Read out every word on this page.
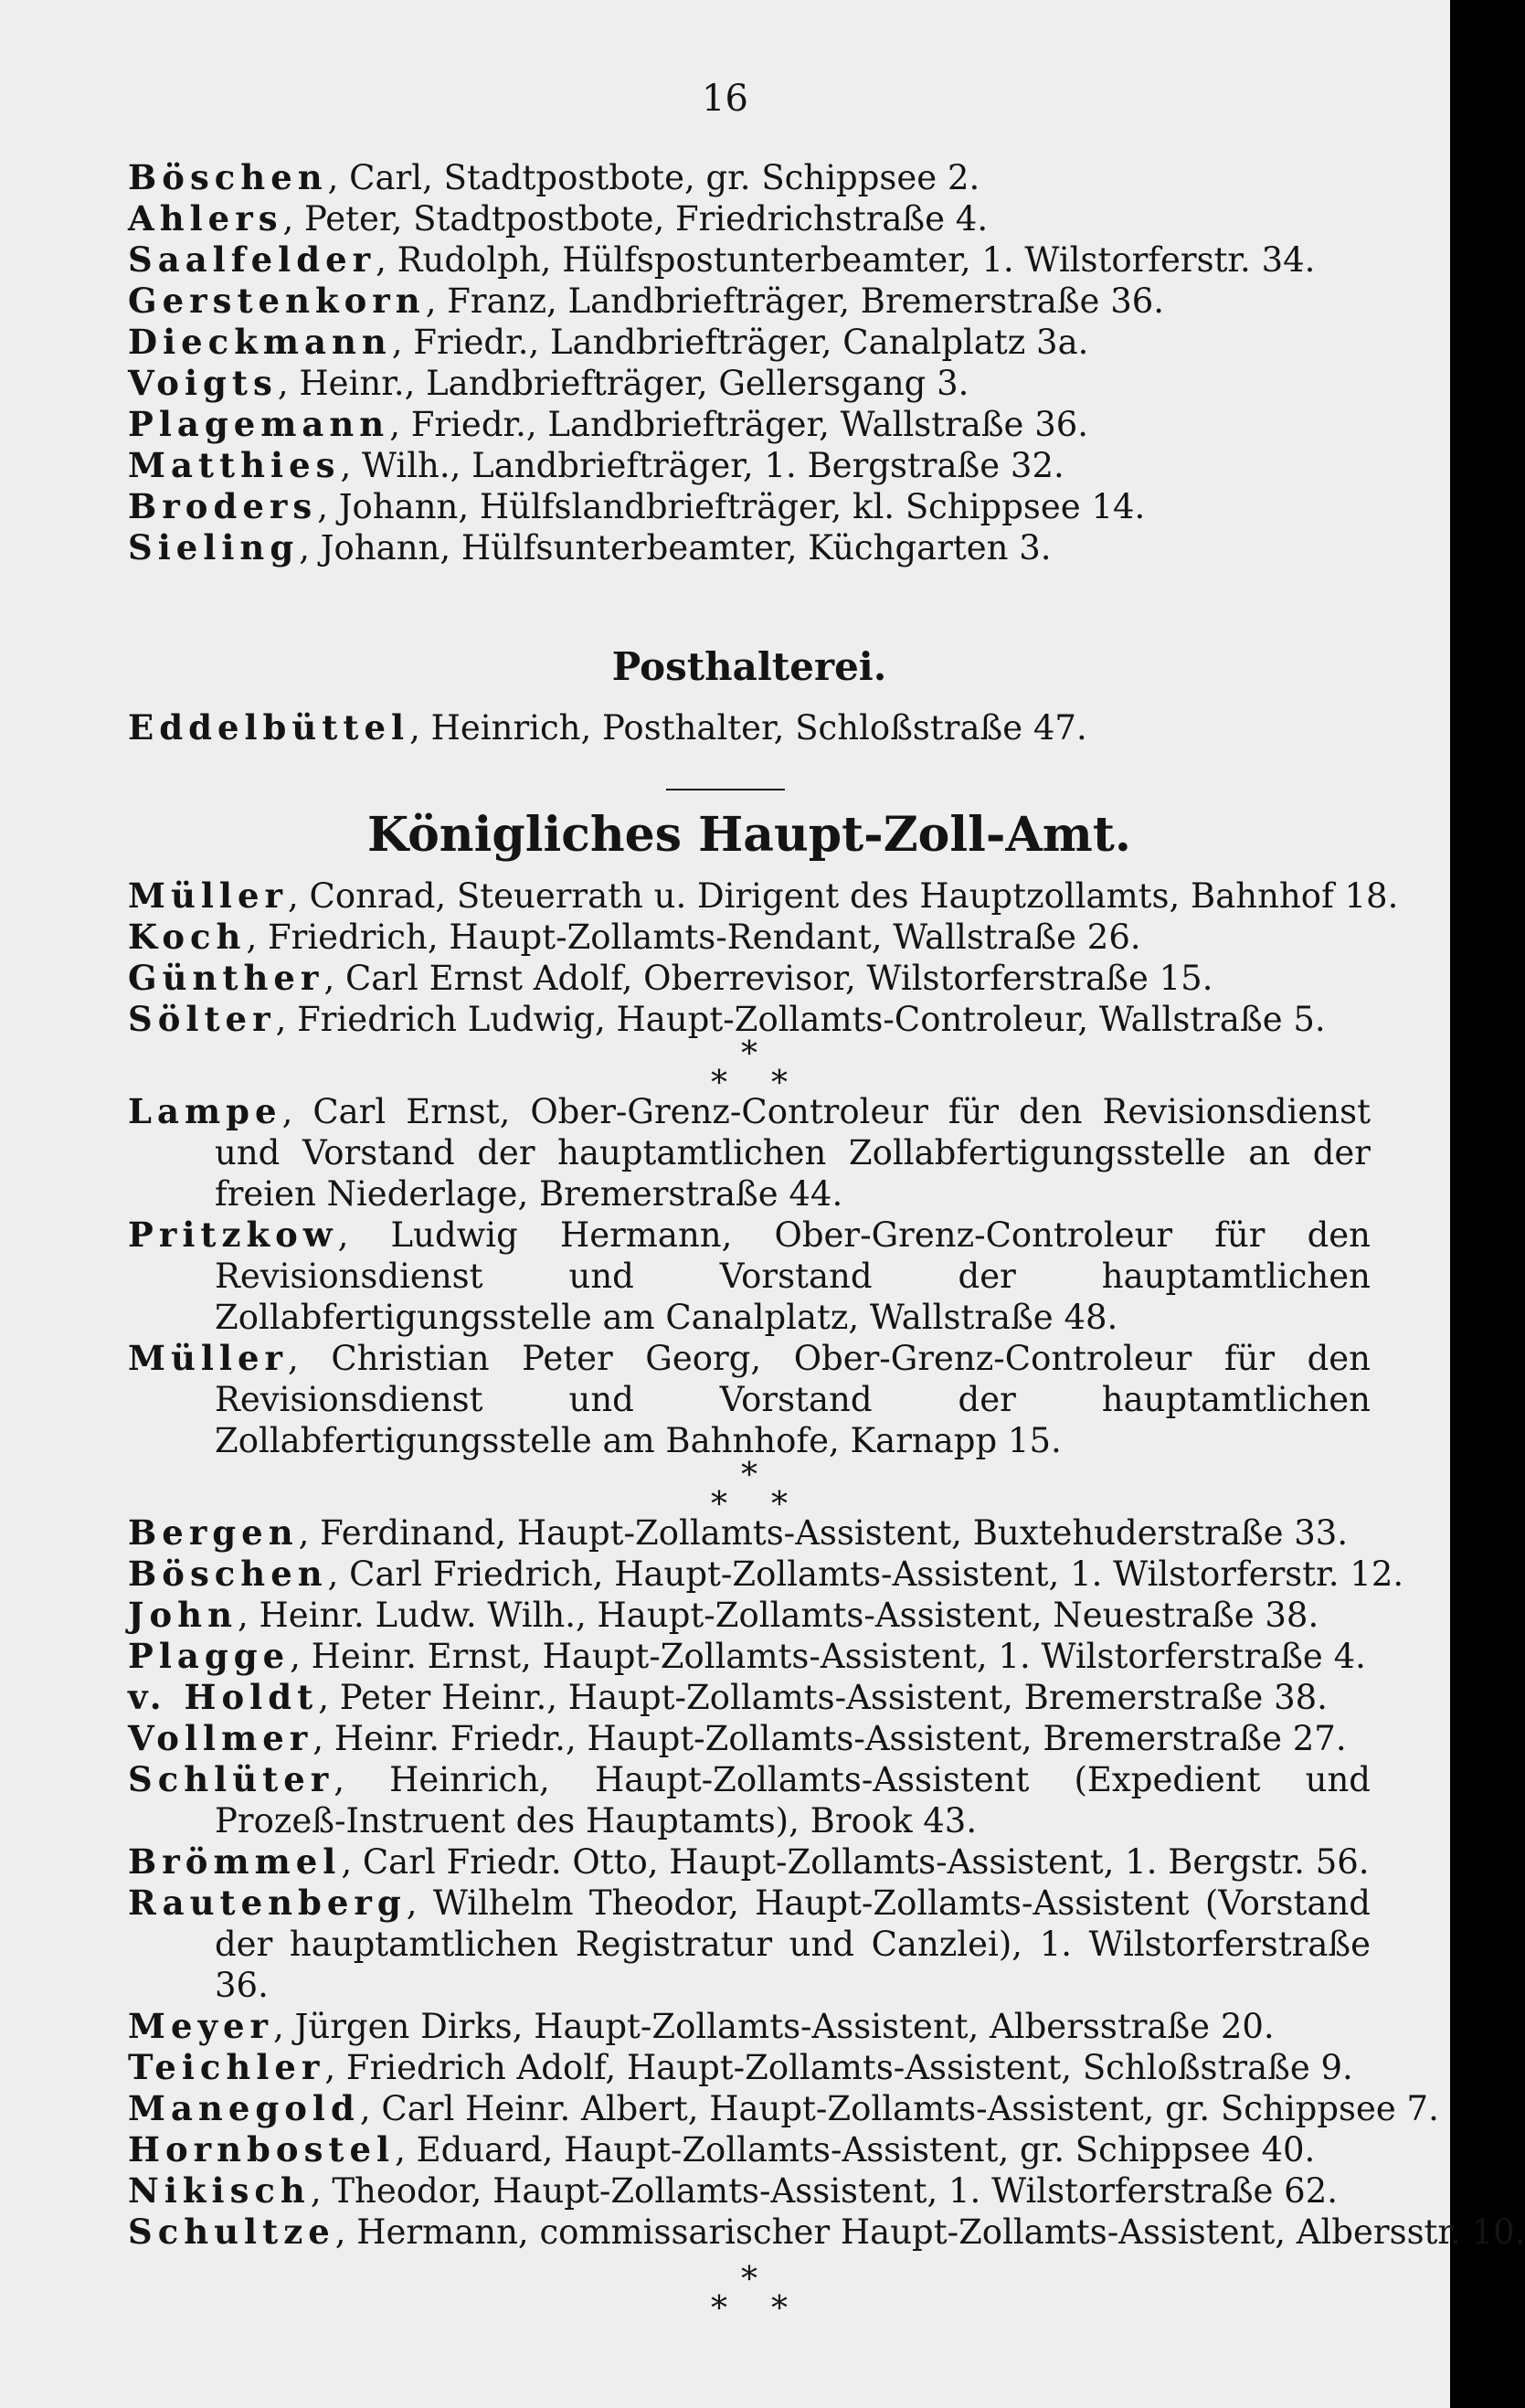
16
Böschen, Carl, Stadtpostbote, gr. Schippsee 2.
Ahlers, Peter, Stadtpostbote, Friedrichstraße 4.
Saalfelder, Rudolph, Hülfspostunterbeamter, 1. Wilstorferstr. 34.
Gerstenkorn, Franz, Landbriefträger, Bremerstraße 36.
Dieckmann, Friedr., Landbriefträger, Canalplatz 3a.
Voigts, Heinr., Landbriefträger, Gellersgang 3.
Plagemann, Friedr., Landbriefträger, Wallstraße 36.
Matthies, Wilh., Landbriefträger, 1. Bergstraße 32.
Broders, Johann, Hülfslandbriefträger, kl. Schippsee 14.
Sieling, Johann, Hülfsunterbeamter, Küchgarten 3.
Posthalterei.
Eddelbüttel, Heinrich, Posthalter, Schloßstraße 47.
Königliches Haupt-Zoll-Amt.
Müller, Conrad, Steuerrath u. Dirigent des Hauptzollamts, Bahnhof 18.
Koch, Friedrich, Haupt-Zollamts-Rendant, Wallstraße 26.
Günther, Carl Ernst Adolf, Oberrevisor, Wilstorferstraße 15.
Sölter, Friedrich Ludwig, Haupt-Zollamts-Controleur, Wallstraße 5.
*
**
Lampe, Carl Ernst, Ober-Grenz-Controleur für den Revisionsdienst und Vorstand der hauptamtlichen Zollabfertigungsstelle an der freien Niederlage, Bremerstraße 44.
Pritzkow, Ludwig Hermann, Ober-Grenz-Controleur für den Revisionsdienst und Vorstand der hauptamtlichen Zollabfertigungsstelle am Canalplatz, Wallstraße 48.
Müller, Christian Peter Georg, Ober-Grenz-Controleur für den Revisionsdienst und Vorstand der hauptamtlichen Zollabfertigungsstelle am Bahnhofe, Karnapp 15.
*
**
Bergen, Ferdinand, Haupt-Zollamts-Assistent, Buxtehuderstraße 33.
Böschen, Carl Friedrich, Haupt-Zollamts-Assistent, 1. Wilstorferstr. 12.
John, Heinr. Ludw. Wilh., Haupt-Zollamts-Assistent, Neuestraße 38.
Plagge, Heinr. Ernst, Haupt-Zollamts-Assistent, 1. Wilstorferstraße 4.
v. Holdt, Peter Heinr., Haupt-Zollamts-Assistent, Bremerstraße 38.
Vollmer, Heinr. Friedr., Haupt-Zollamts-Assistent, Bremerstraße 27.
Schlüter, Heinrich, Haupt-Zollamts-Assistent (Expedient und Prozeß-Instruent des Hauptamts), Brook 43.
Brömmel, Carl Friedr. Otto, Haupt-Zollamts-Assistent, 1. Bergstr. 56.
Rautenberg, Wilhelm Theodor, Haupt-Zollamts-Assistent (Vorstand der hauptamtlichen Registratur und Canzlei), 1. Wilstorferstraße 36.
Meyer, Jürgen Dirks, Haupt-Zollamts-Assistent, Albersstraße 20.
Teichler, Friedrich Adolf, Haupt-Zollamts-Assistent, Schloßstraße 9.
Manegold, Carl Heinr. Albert, Haupt-Zollamts-Assistent, gr. Schippsee 7.
Hornbostel, Eduard, Haupt-Zollamts-Assistent, gr. Schippsee 40.
Nikisch, Theodor, Haupt-Zollamts-Assistent, 1. Wilstorferstraße 62.
Schultze, Hermann, commissarischer Haupt-Zollamts-Assistent, Albersstr. 10.
*
**
